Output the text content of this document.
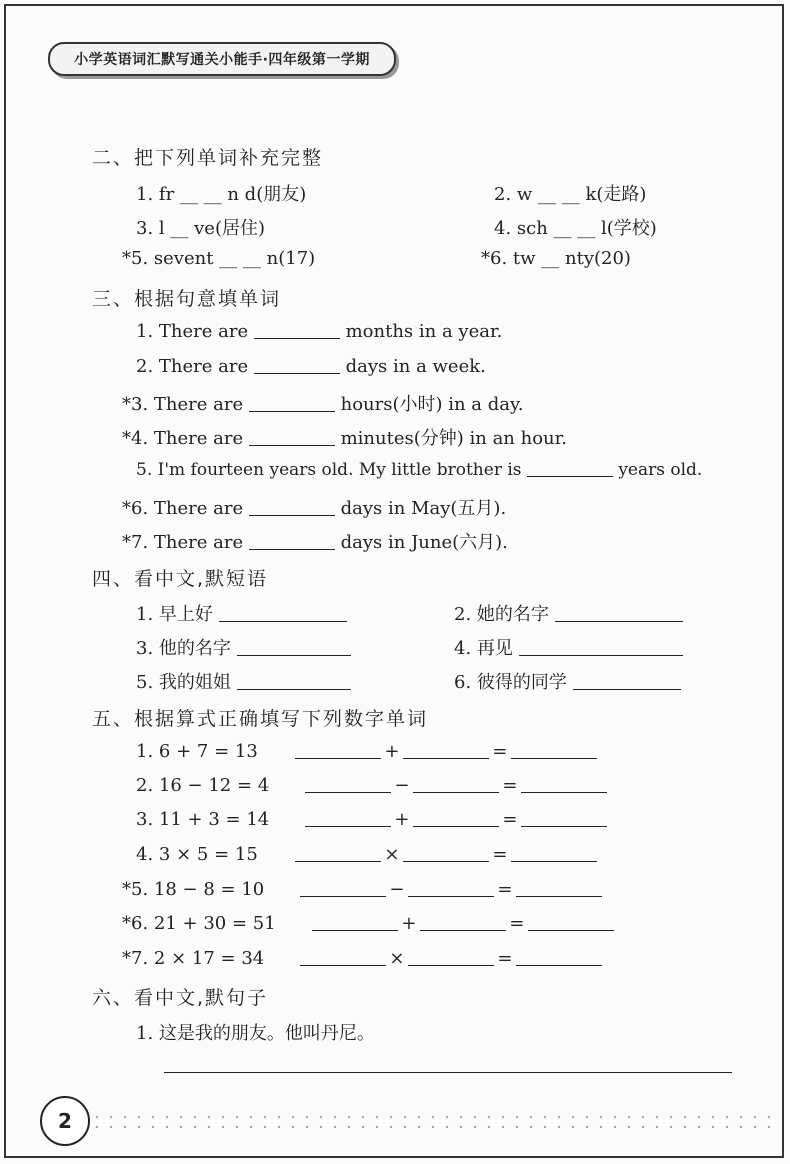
小学英语词汇默写通关小能手·四年级第一学期
二、把下列单词补充完整
1. fr __ __ n d(朋友)	2. w __ __ k(走路)
3. l __ ve(居住)	4. sch __ __ l(学校)
*5. sevent __ __ n(17)	*6. tw __ nty(20)
三、根据句意填单词
1. There are	months in a year.
2. There are	days in a week.
*3. There are	hours(小时) in a day.
*4. There are	minutes(分钟) in an hour.
5. I'm fourteen years old. My little brother is	years old.
*6. There are	days in May(五月).
*7. There are	days in June(六月).
四、看中文,默短语
1. 早上好	2. 她的名字
3. 他的名字	4. 再见
5. 我的姐姐	6. 彼得的同学
五、根据算式正确填写下列数字单词
1. 6 + 7 = 13	+	=
2. 16 − 12 = 4	−	=
3. 11 + 3 = 14	+	=
4. 3 × 5 = 15	×	=
*5. 18 − 8 = 10	−	=
*6. 21 + 30 = 51	+	=
*7. 2 × 17 = 34	×	=
六、看中文,默句子
1. 这是我的朋友。他叫丹尼。
2
